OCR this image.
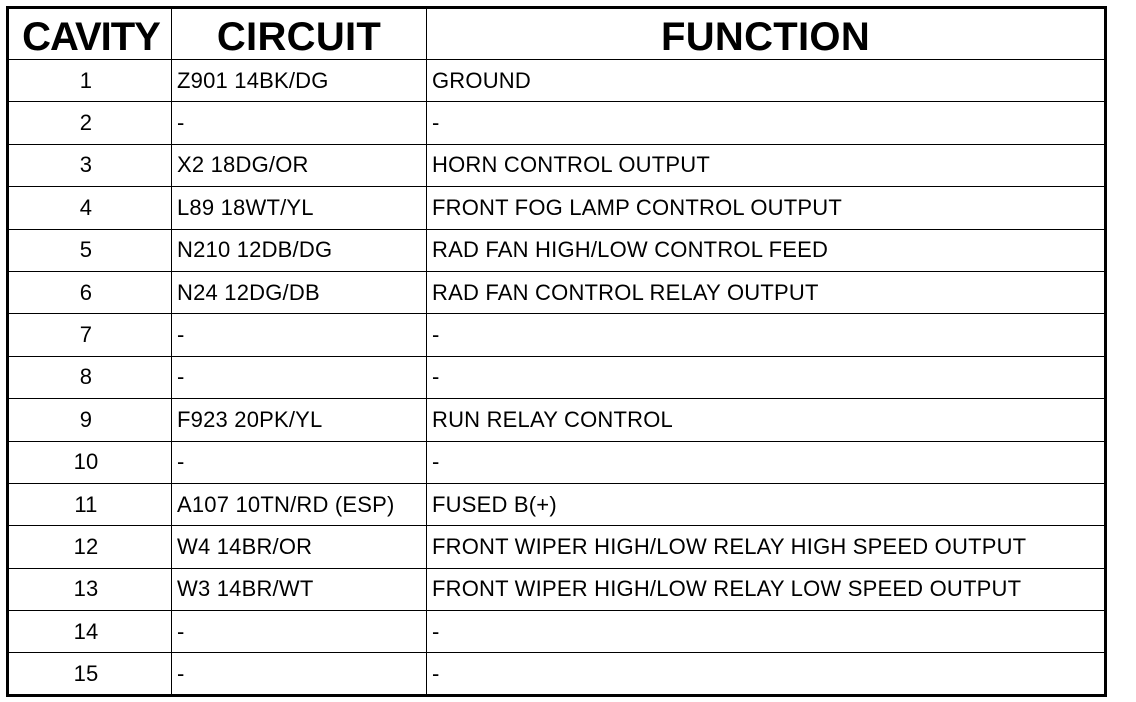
CAVITY	CIRCUIT	FUNCTION
1	Z901 14BK/DG	GROUND
2	-	-
3	X2 18DG/OR	HORN CONTROL OUTPUT
4	L89 18WT/YL	FRONT FOG LAMP CONTROL OUTPUT
5	N210 12DB/DG	RAD FAN HIGH/LOW CONTROL FEED
6	N24 12DG/DB	RAD FAN CONTROL RELAY OUTPUT
7	-	-
8	-	-
9	F923 20PK/YL	RUN RELAY CONTROL
10	-	-
11	A107 10TN/RD (ESP)	FUSED B(+)
12	W4 14BR/OR	FRONT WIPER HIGH/LOW RELAY HIGH SPEED OUTPUT
13	W3 14BR/WT	FRONT WIPER HIGH/LOW RELAY LOW SPEED OUTPUT
14	-	-
15	-	-
